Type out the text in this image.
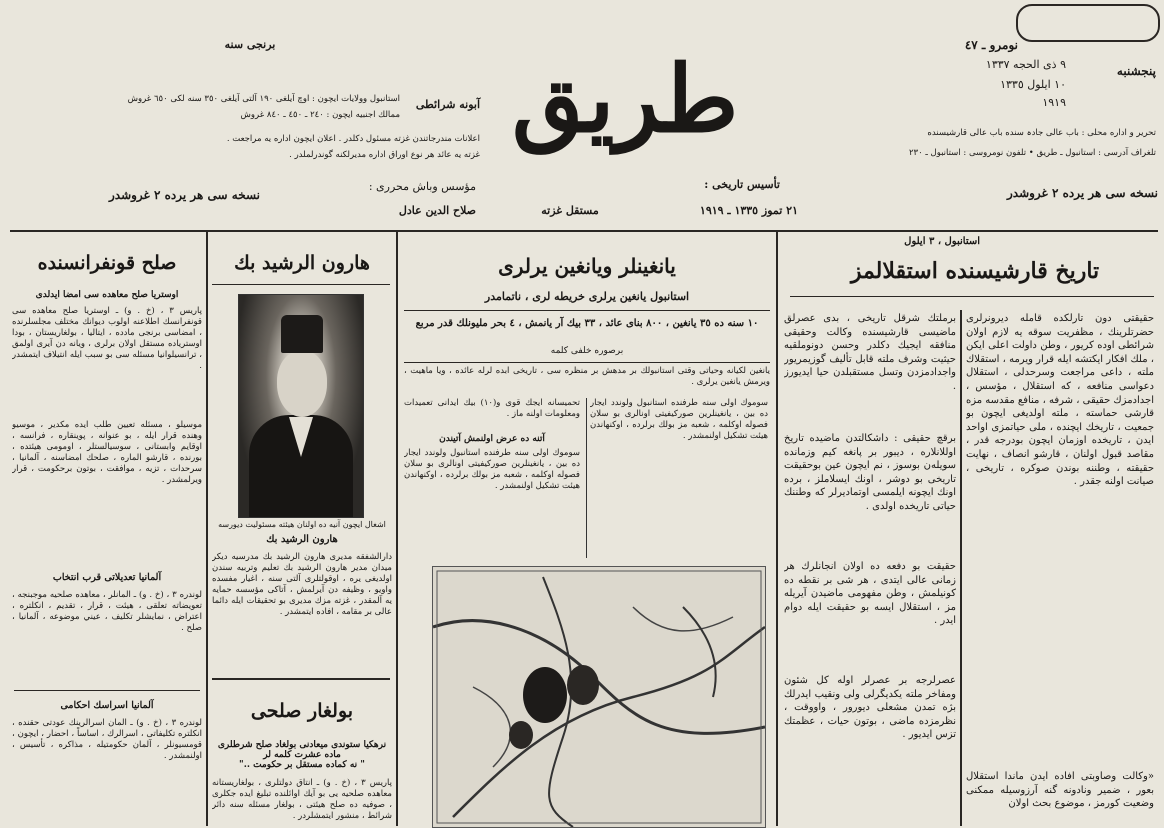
نومرو ـ ٤٧
پنجشنبه
٩ ذى الحجه ١٣٣٧
١٠ ايلول ١٣٣٥
١٩١٩
تحرير و اداره محلى : باب عالى جادہ سنده باب عالى قارشيسنده
تلغراف آدرسى : استانبول ـ طريق • تلفون نومروسى : استانبول ـ ٢٣٠
نسخه سى هر يرده ٢ غروشدر
طريق
برنجى سنه
آبونه شرائطى
استانبول وولايات ايچون : اوچ آيلغى ١٩٠ آلتى آيلغى ٣٥٠ سنه لكى ٦٥٠ غروش
ممالك اجنبيه ايچون : ٢٤٠ ـ ٤٥٠ ـ ٨٤٠ غروش
اعلانات مندرجاتندن غزته مسئول دكلدر . اعلان ايچون اداره يه مراجعت .
غزته يه عائد هر نوع اوراق اداره مديرلكنه گوندرلملدر .
تأسيس تاريخى :
٢١ تموز ١٣٣٥ ـ ١٩١٩
مستقل غزته
مؤسس وباش محررى :
صلاح الدين عادل
نسخه سى هر يرده ٢ غروشدر
استانبول ، ٣ ايلول
تاريخ قارشيسنده استقلالمز
برملتك شرقل تاريخى ، بدى عصرلق ماضيسى قارشيسنده وكالت وحقيقى منافقه ايجيك دكلدر وحسن دونوملقيه حيثيت وشرف ملته قابل تأليف گوزيمريور واجدادمزدن وتسل مستقبلدن حيا ايديورز .
برقچ حقيقى : داشكالتدن ماضيده تاريخ اوللانلاره ، ديبور بر پانغه كيم وزمانده سويلەن بوسوز ، نم ايچون عين بوحقيقت تاريخى بو دوشر ، اونك ايسلاملز ، برده اونك ايچونه ايلمسى اوتماديرلر كه وطننك حياتى تاريخده اولدى .
حقيقت بو دفعه ده اولان انجانلرك هر زمانى عالى ايتدى ، هر شى بر نقطه ده كونيلمش ، وطن مفهومى ماضيدن آيريله مز ، استقلال ايسه بو حقيقت ايله دوام ايدر .
عصرلرجه بر عصرلر اوله كل شئون ومفاخر ملته يكديگرلى ولى ونقيب ايدرلك بژه تمدن مشعلى ديورور ، واووقت ، نظرمزده ماضى ، بوتون حيات ، عظمتك تزس ايديور .
حقيقتى دون تارلكده قامله ديرونرلرى حضرتلرينك ، مظفريت سوقه يه لازم اولان شرائطى اوده كريور ، وطن داولت اعلى ايكن ، ملك افكار ايكتشه ايله قرار ويرمه ، استقلاك ملته ، داعى مراجعت وسرحدلى ، استقلال دعواسى منافعه ، كه استقلال ، مؤسس ، اجدادمزك حقيقى ، شرفه ، منافع مقدسه مزه قارشى حماسته ، ملته اولديغى ايچون بو جمعيت ، تاريخك ايچنده ، ملى حياتمزى اواحد ايدن ، تاريخده اوزمان ايچون بودرجه قدر ، مقاصد قبول اولنان ، قارشو انصاف ، نهايت حقيقته ، وطننه بوندن صوكره ، تاريخى ، صيانت اولنه جقدر .
«وكالت وصاوبتى افاده ايدن ماندا استقلال بعور ، ضمير ونادونه گنه آرزوسيله ممكنى وضعيت كورمز ، موضوع بحث اولان
يانغينلر ويانغين يرلرى
استانبول يانغين يرلرى خريطه لرى ، ناتمامدر
١٠ سنه ده ٣٥ يانغين ، ٨٠٠ بناى عائد ، ٣٣ بيك آر يانمش ، ٤ بحر مليونلك قدر مربع
برصوره خلفى كلمه
يانغين لكيانه وحياتى وقتى استانبولك بر مدهش بر منظره سى ، تاريخى آبده لرله عائده ، ويا ماهيت ، ويرمش يانغين يرلرى .
سوموك اولى سنه طرفنده استانبول ولوندد ايجار ده بين ، يانغينلرين صوركيفيتى اونالرى بو سلان فصوله اوكلمه ، شعبه مز بولك برلرده ، اوكنهاندن هيئت تشكيل اولنمشدر .
تحميسانه ايجك قوى و(١٠) بيك ايدانى تعميدات ومعلومات اولنه ماز .
آتنه ده عرض اولنمش آتيندن
سوموك اولى سنه طرفنده استانبول ولوندد ايجار ده بين ، يانغينلرين صوركيفيتى اونالرى بو سلان فصوله اوكلمه ، شعبه مز بولك برلرده ، اوكنهاندن هيئت تشكيل اولنمشدر .
هارون الرشيد بك
اشغال ايچون آنيه ده اولنان هيئته مسئوليت ديورسه
هارون الرشيد بك
دارالشفقه مديرى هارون الرشيد بك مدرسيه ديكر ميدان مدير هارون الرشيد بك تعليم وتربيه سندن اولديغى يره ، اوقولتلرى آلتى سنه ، اغيار مفسده واويو ، وظيفه دن آيرلمش ، آتاكى مؤسسه حمايه يه آلمقدر ، غزته مزك مديرى بو تحقيقات ايله دائما عالى بر مقامه ، افاده ايتمشدر .
بولغار صلحى
نرهكيا ستوندى ميعادنى بولغاد صلح شرطلرى ماده عشرت كلمه لر
" نه كماده مستقل بر حكومت .."
پاريس ٣ ، (خ . و) ـ انتاق دولتلرى ، بولغاريستانه معاهده صلحيه يى بو آيك اوائلنده تبليغ ايده جكلرى ، صوفيه ده صلح هيئتى ، بولغار مسئله سنه دائر شرائط ، منشور ايتمشلردر .
صلح قونفرانسنده
اوستريا صلح معاهده سى امضا ايدلدى
پاريس ٣ ، (خ . و) ـ اوستريا صلح معاهده سى قونفرانسك اطلاعنه اولوب ديوانك مختلف مجلسلرنده ، امضاسى برنجى مادده ، ايتاليا ، بولغاريستان ، بودا اوسترياده مستقل اولان برلرى ، ويانه دن آيرى اولمق ، ترانسيلوانيا مسئله سى بو سبب ايله انتيلاف ايتمشدر .
موسيلو ، مسئله تعيين طلب ايده مكدير ، موسيو وهنده قرار ايله ، بو عنوانه ، پوينقاره ، فرانسه ، اوقايم وابستانى ، سوسيالستلر ، اومومى هيئتده ، بورنده ، قارشو الماره ، صلحك امضاسنه ، آلمانيا ، سرحدات ، تزيه ، موافقت ، بوتون برحكومت ، قرار ويرلمشدر .
آلمانيا تعديلاتى قرب انتخاب
لوندره ٣ ، (خ . و) ـ آلمانلر ، معاهده صلحيه موجبنجه ، تعويضاته تعلقى ، هيئت ، قرار ، تقديم ، انكلتره ، اعتراض ، نمايشلر تكليف ، عيني موضوعه ، آلمانيا ، صلح .
آلمانيا اسراسك احكامى
لوندره ٣ ، (خ . و) ـ آلمان اسرالرينك عودتى حقنده ، انكلتره تكليفاتى ، اسرالرك ، اساساً ، احضار ، ايچون ، قومسيونلر ، آلمان حكومتيله ، مذاكره ، تأسيس ، اولنمشدر .
